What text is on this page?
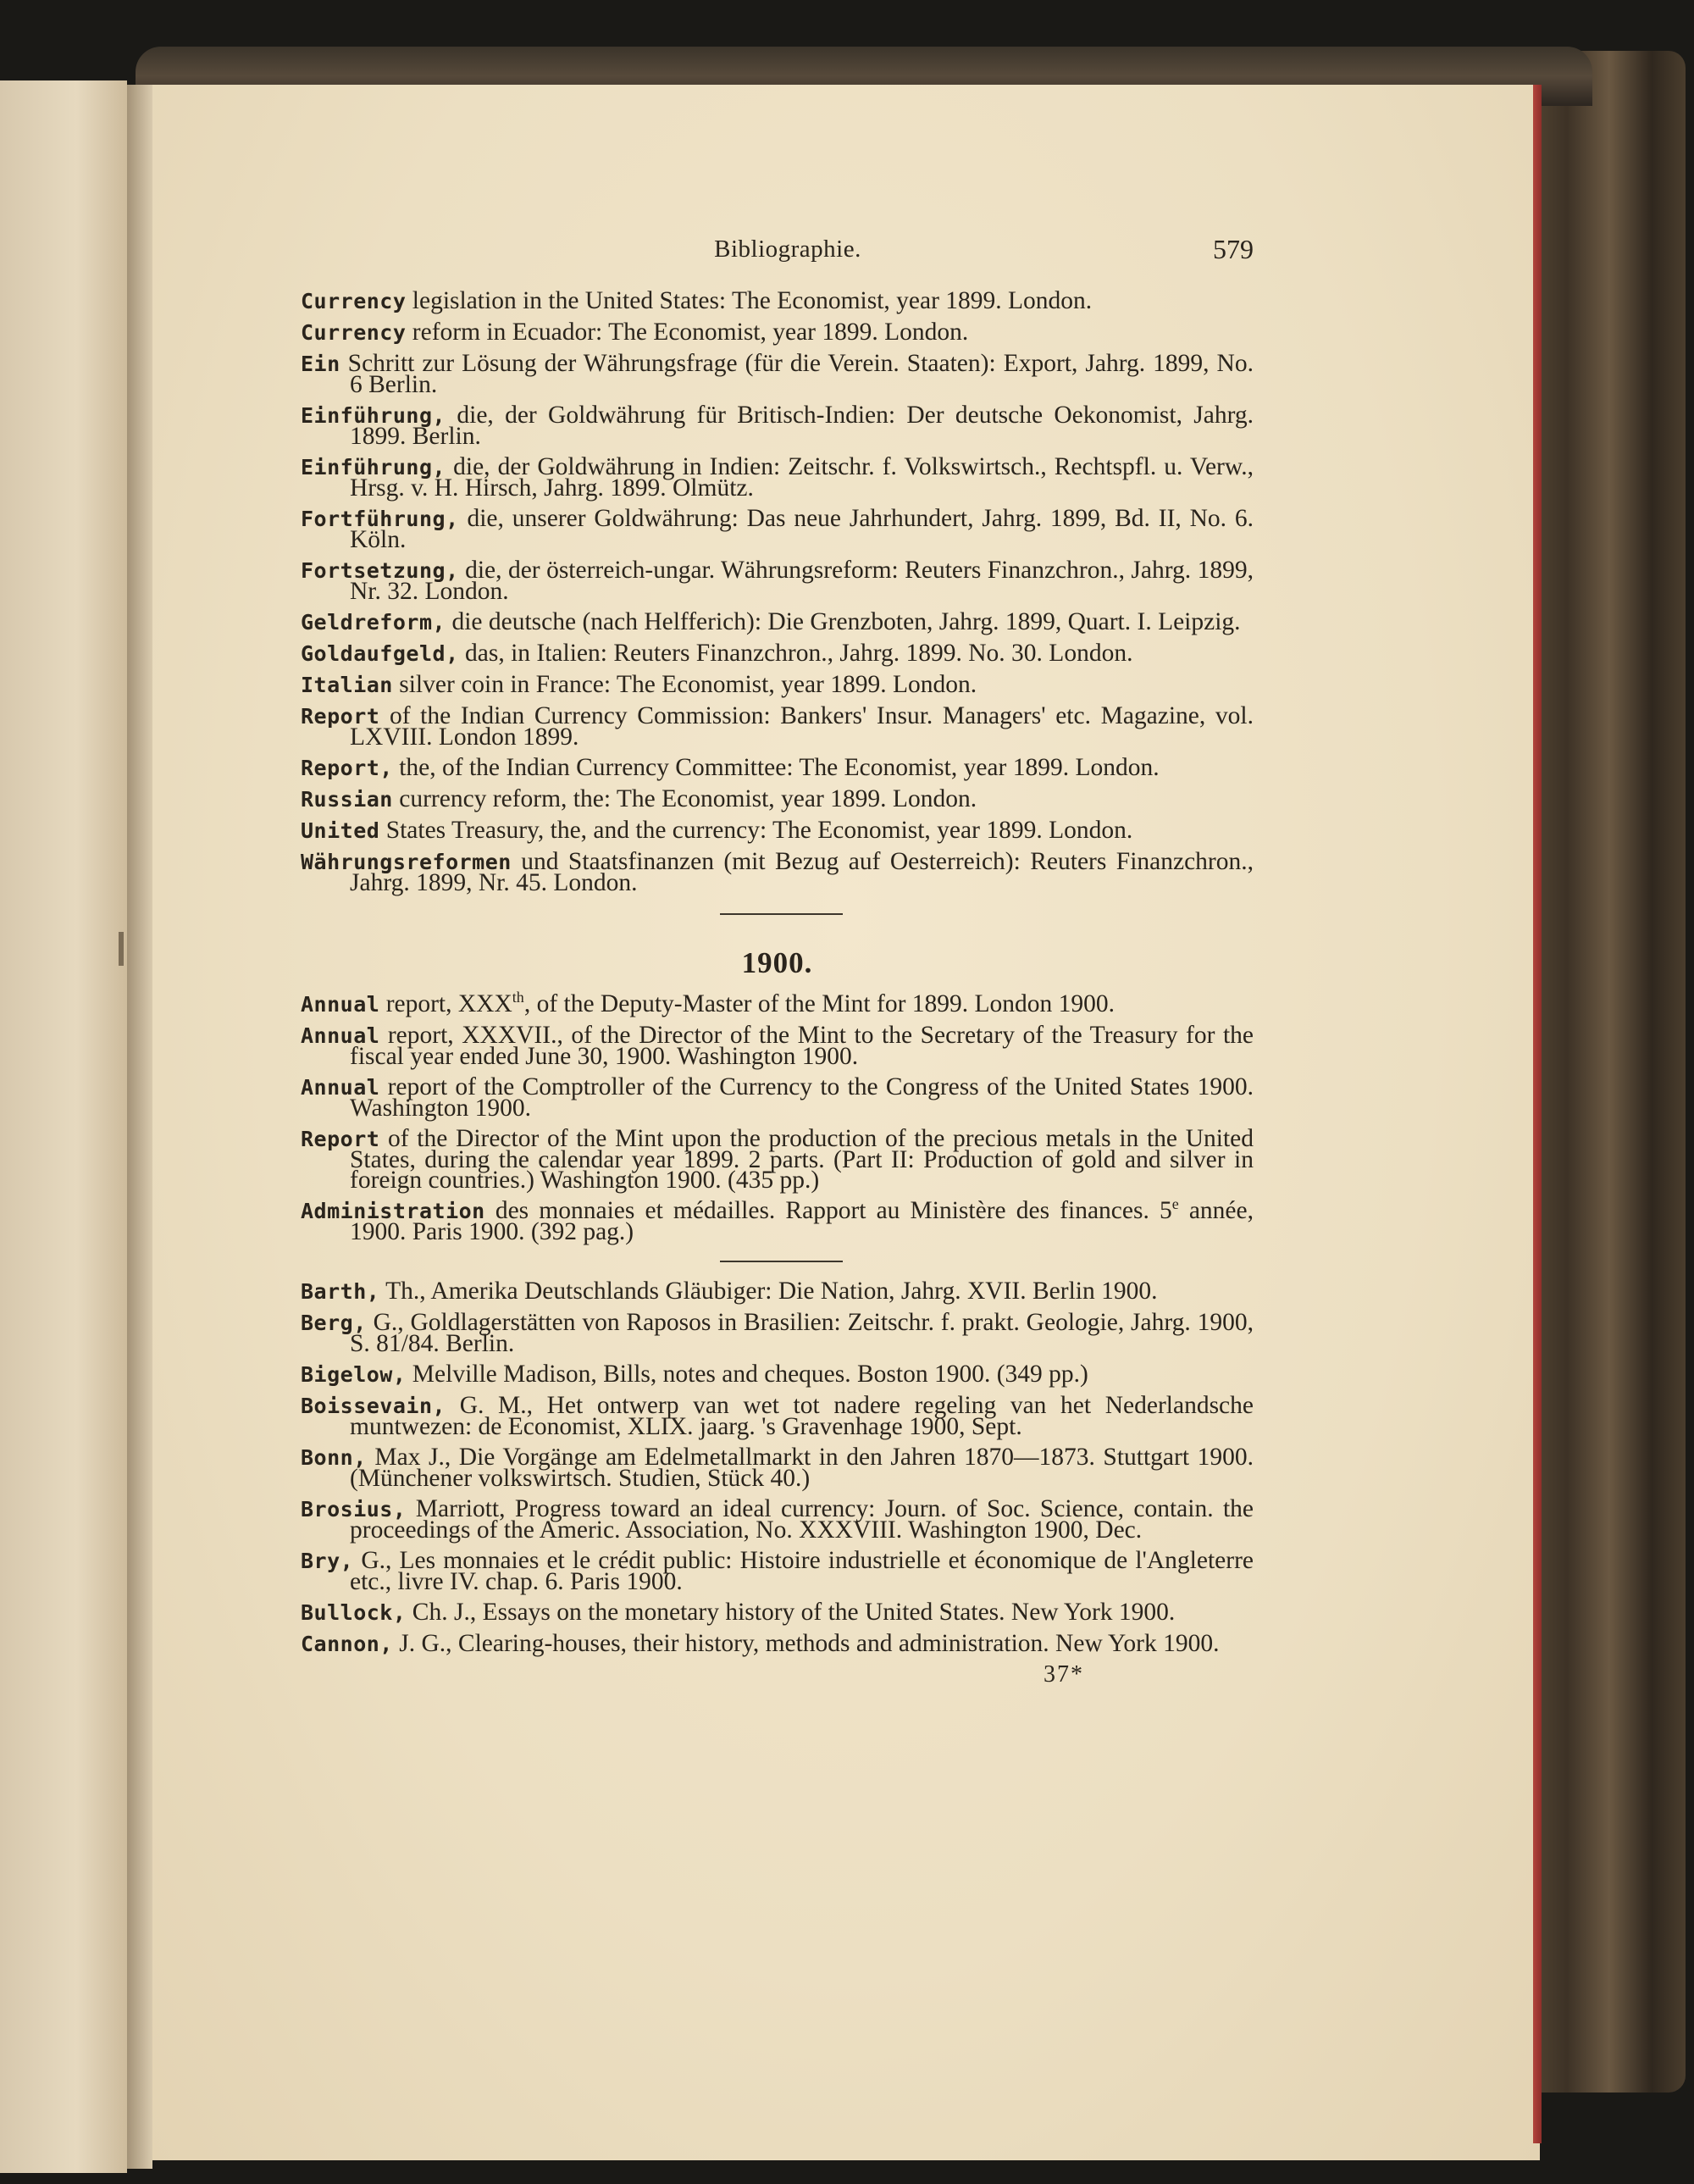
Bibliographie.	579
Currency legislation in the United States: The Economist, year 1899. London.
Currency reform in Ecuador: The Economist, year 1899. London.
Ein Schritt zur Lösung der Währungsfrage (für die Verein. Staaten): Export, Jahrg. 1899, No. 6 Berlin.
Einführung, die, der Goldwährung für Britisch-Indien: Der deutsche Oekonomist, Jahrg. 1899. Berlin.
Einführung, die, der Goldwährung in Indien: Zeitschr. f. Volkswirtsch., Rechtspfl. u. Verw., Hrsg. v. H. Hirsch, Jahrg. 1899. Olmütz.
Fortführung, die, unserer Goldwährung: Das neue Jahrhundert, Jahrg. 1899, Bd. II, No. 6. Köln.
Fortsetzung, die, der österreich-ungar. Währungsreform: Reuters Finanzchron., Jahrg. 1899, Nr. 32. London.
Geldreform, die deutsche (nach Helfferich): Die Grenzboten, Jahrg. 1899, Quart. I. Leipzig.
Goldaufgeld, das, in Italien: Reuters Finanzchron., Jahrg. 1899. No. 30. London.
Italian silver coin in France: The Economist, year 1899. London.
Report of the Indian Currency Commission: Bankers' Insur. Managers' etc. Magazine, vol. LXVIII. London 1899.
Report, the, of the Indian Currency Committee: The Economist, year 1899. London.
Russian currency reform, the: The Economist, year 1899. London.
United States Treasury, the, and the currency: The Economist, year 1899. London.
Währungsreformen und Staatsfinanzen (mit Bezug auf Oesterreich): Reuters Finanzchron., Jahrg. 1899, Nr. 45. London.
1900.
Annual report, XXXth, of the Deputy-Master of the Mint for 1899. London 1900.
Annual report, XXXVII., of the Director of the Mint to the Secretary of the Treasury for the fiscal year ended June 30, 1900. Washington 1900.
Annual report of the Comptroller of the Currency to the Congress of the United States 1900. Washington 1900.
Report of the Director of the Mint upon the production of the precious metals in the United States, during the calendar year 1899. 2 parts. (Part II: Production of gold and silver in foreign countries.) Washington 1900. (435 pp.)
Administration des monnaies et médailles. Rapport au Ministère des finances. 5e année, 1900. Paris 1900. (392 pag.)
Barth, Th., Amerika Deutschlands Gläubiger: Die Nation, Jahrg. XVII. Berlin 1900.
Berg, G., Goldlagerstätten von Raposos in Brasilien: Zeitschr. f. prakt. Geologie, Jahrg. 1900, S. 81/84. Berlin.
Bigelow, Melville Madison, Bills, notes and cheques. Boston 1900. (349 pp.)
Boissevain, G. M., Het ontwerp van wet tot nadere regeling van het Nederlandsche muntwezen: de Economist, XLIX. jaarg. 's Gravenhage 1900, Sept.
Bonn, Max J., Die Vorgänge am Edelmetallmarkt in den Jahren 1870—1873. Stuttgart 1900. (Münchener volkswirtsch. Studien, Stück 40.)
Brosius, Marriott, Progress toward an ideal currency: Journ. of Soc. Science, contain. the proceedings of the Americ. Association, No. XXXVIII. Washington 1900, Dec.
Bry, G., Les monnaies et le crédit public: Histoire industrielle et économique de l'Angleterre etc., livre IV. chap. 6. Paris 1900.
Bullock, Ch. J., Essays on the monetary history of the United States. New York 1900.
Cannon, J. G., Clearing-houses, their history, methods and administration. New York 1900.
37*
